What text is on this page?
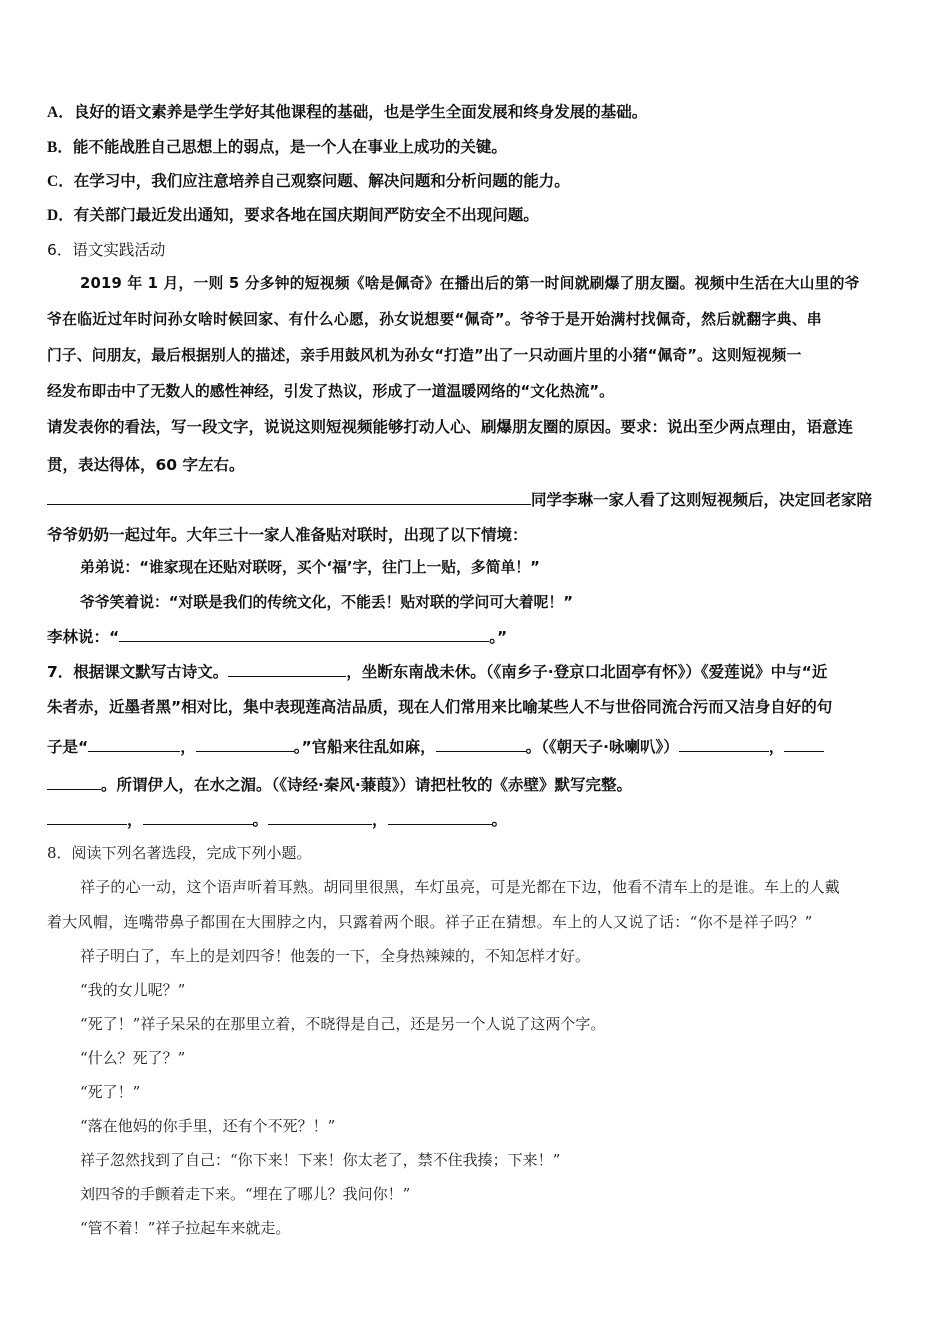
A．良好的语文素养是学生学好其他课程的基础，也是学生全面发展和终身发展的基础。
B．能不能战胜自己思想上的弱点，是一个人在事业上成功的关键。
C．在学习中，我们应注意培养自己观察问题、解决问题和分析问题的能力。
D．有关部门最近发出通知，要求各地在国庆期间严防安全不出现问题。
6．语文实践活动
2019 年 1 月，一则 5 分多钟的短视频《啥是佩奇》在播出后的第一时间就刷爆了朋友圈。视频中生活在大山里的爷
爷在临近过年时问孙女啥时候回家、有什么心愿，孙女说想要“佩奇”。爷爷于是开始满村找佩奇，然后就翻字典、串
门子、问朋友，最后根据别人的描述，亲手用鼓风机为孙女“打造”出了一只动画片里的小猪“佩奇”。这则短视频一
经发布即击中了无数人的感性神经，引发了热议，形成了一道温暖网络的“文化热流”。
请发表你的看法，写一段文字，说说这则短视频能够打动人心、刷爆朋友圈的原因。要求：说出至少两点理由，语意连
贯，表达得体，60 字左右。
同学李琳一家人看了这则短视频后，决定回老家陪
爷爷奶奶一起过年。大年三十一家人准备贴对联时，出现了以下情境：
弟弟说：“谁家现在还贴对联呀，买个‘福’字，往门上一贴，多简单！”
爷爷笑着说：“对联是我们的传统文化，不能丢！贴对联的学问可大着呢！”
李林说：“	。”
7．根据课文默写古诗文。	，坐断东南战未休。（《南乡子·登京口北固亭有怀》）《爱莲说》中与“近
朱者赤，近墨者黑”相对比，集中表现莲高洁品质，现在人们常用来比喻某些人不与世俗同流合污而又洁身自好的句
子是“	，	。”官船来往乱如麻，	。（《朝天子·咏喇叭》）	，
。所谓伊人，在水之湄。（《诗经·秦风·蒹葭》）请把杜牧的《赤壁》默写完整。
，	。	，	。
8．阅读下列名著选段，完成下列小题。
祥子的心一动，这个语声听着耳熟。胡同里很黑，车灯虽亮，可是光都在下边，他看不清车上的是谁。车上的人戴
着大风帽，连嘴带鼻子都围在大围脖之内，只露着两个眼。祥子正在猜想。车上的人又说了话：“你不是祥子吗？”
祥子明白了，车上的是刘四爷！他轰的一下，全身热辣辣的，不知怎样才好。
“我的女儿呢？”
“死了！”祥子呆呆的在那里立着，不晓得是自己，还是另一个人说了这两个字。
“什么？死了？”
“死了！”
“落在他妈的你手里，还有个不死？！”
祥子忽然找到了自己：“你下来！下来！你太老了，禁不住我揍；下来！”
刘四爷的手颤着走下来。“埋在了哪儿？我问你！”
“管不着！”祥子拉起车来就走。
